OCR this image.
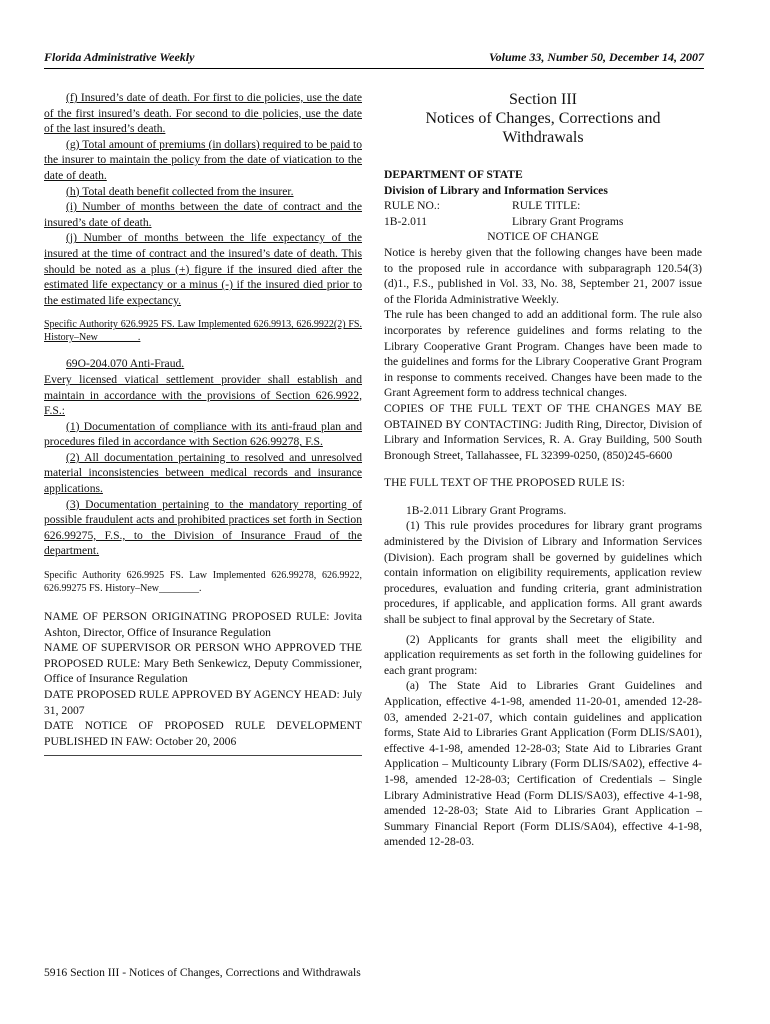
Florida Administrative Weekly	Volume 33, Number 50, December 14, 2007

(f) Insured’s date of death. For first to die policies, use the date of the first insured’s death. For second to die policies, use the date of the last insured’s death.

(g) Total amount of premiums (in dollars) required to be paid to the insurer to maintain the policy from the date of viatication to the date of death.

(h) Total death benefit collected from the insurer.

(i) Number of months between the date of contract and the insured’s date of death.

(j) Number of months between the life expectancy of the insured at the time of contract and the insured’s date of death. This should be noted as a plus (+) figure if the insured died after the estimated life expectancy or a minus (-) if the insured died prior to the estimated life expectancy.

Specific Authority 626.9925 FS. Law Implemented 626.9913, 626.9922(2) FS. History–New________.

69O-204.070 Anti-Fraud.

Every licensed viatical settlement provider shall establish and maintain in accordance with the provisions of Section 626.9922, F.S.:

(1) Documentation of compliance with its anti-fraud plan and procedures filed in accordance with Section 626.99278, F.S.

(2) All documentation pertaining to resolved and unresolved material inconsistencies between medical records and insurance applications.

(3) Documentation pertaining to the mandatory reporting of possible fraudulent acts and prohibited practices set forth in Section 626.99275, F.S., to the Division of Insurance Fraud of the department.

Specific Authority 626.9925 FS. Law Implemented 626.99278, 626.9922, 626.99275 FS. History–New________.

NAME OF PERSON ORIGINATING PROPOSED RULE: Jovita Ashton, Director, Office of Insurance Regulation

NAME OF SUPERVISOR OR PERSON WHO APPROVED THE PROPOSED RULE: Mary Beth Senkewicz, Deputy Commissioner, Office of Insurance Regulation

DATE PROPOSED RULE APPROVED BY AGENCY HEAD: July 31, 2007

DATE NOTICE OF PROPOSED RULE DEVELOPMENT PUBLISHED IN FAW: October 20, 2006

Section III

Notices of Changes, Corrections and Withdrawals

DEPARTMENT OF STATE

Division of Library and Information Services

RULE NO.:	RULE TITLE:
1B-2.011	Library Grant Programs

NOTICE OF CHANGE

Notice is hereby given that the following changes have been made to the proposed rule in accordance with subparagraph 120.54(3)(d)1., F.S., published in Vol. 33, No. 38, September 21, 2007 issue of the Florida Administrative Weekly.

The rule has been changed to add an additional form. The rule also incorporates by reference guidelines and forms relating to the Library Cooperative Grant Program. Changes have been made to the guidelines and forms for the Library Cooperative Grant Program in response to comments received. Changes have been made to the Grant Agreement form to address technical changes.

COPIES OF THE FULL TEXT OF THE CHANGES MAY BE OBTAINED BY CONTACTING: Judith Ring, Director, Division of Library and Information Services, R. A. Gray Building, 500 South Bronough Street, Tallahassee, FL 32399-0250, (850)245-6600

THE FULL TEXT OF THE PROPOSED RULE IS:

1B-2.011 Library Grant Programs.

(1) This rule provides procedures for library grant programs administered by the Division of Library and Information Services (Division). Each program shall be governed by guidelines which contain information on eligibility requirements, application review procedures, evaluation and funding criteria, grant administration procedures, if applicable, and application forms. All grant awards shall be subject to final approval by the Secretary of State.

(2) Applicants for grants shall meet the eligibility and application requirements as set forth in the following guidelines for each grant program:

(a) The State Aid to Libraries Grant Guidelines and Application, effective 4-1-98, amended 11-20-01, amended 12-28-03, amended 2-21-07, which contain guidelines and application forms, State Aid to Libraries Grant Application (Form DLIS/SA01), effective 4-1-98, amended 12-28-03; State Aid to Libraries Grant Application – Multicounty Library (Form DLIS/SA02), effective 4-1-98, amended 12-28-03; Certification of Credentials – Single Library Administrative Head (Form DLIS/SA03), effective 4-1-98, amended 12-28-03; State Aid to Libraries Grant Application – Summary Financial Report (Form DLIS/SA04), effective 4-1-98, amended 12-28-03.

5916 Section III - Notices of Changes, Corrections and Withdrawals
